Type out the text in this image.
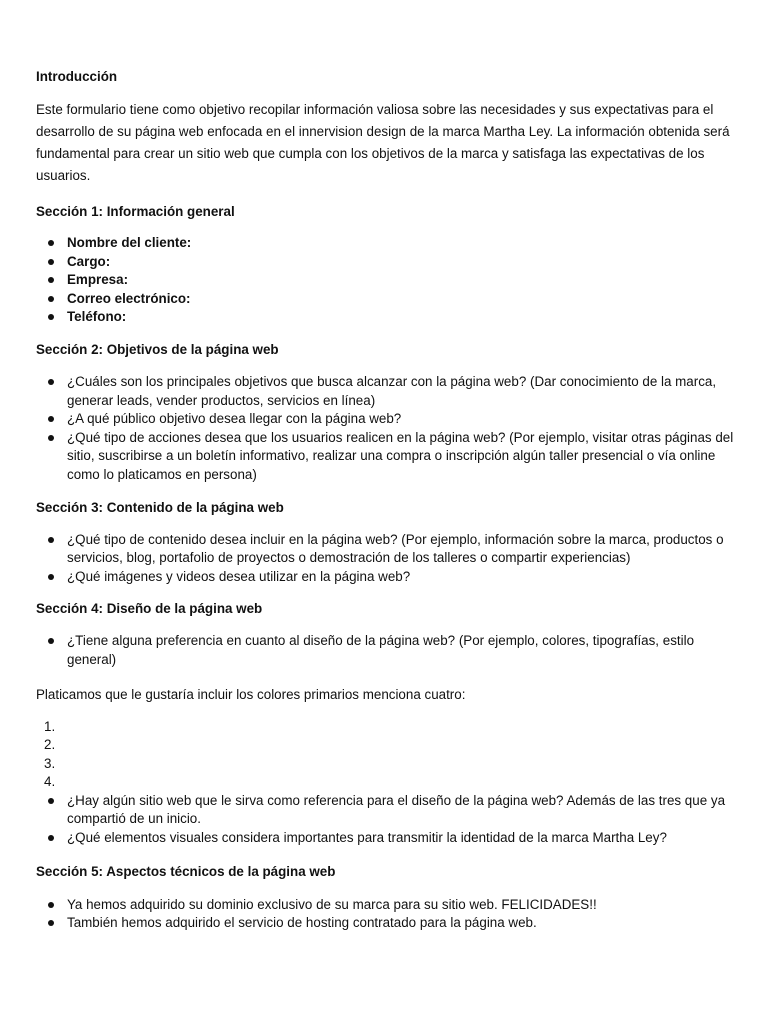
Introducción

Este formulario tiene como objetivo recopilar información valiosa sobre las necesidades y sus expectativas para el desarrollo de su página web enfocada en el innervision design de la marca Martha Ley. La información obtenida será fundamental para crear un sitio web que cumpla con los objetivos de la marca y satisfaga las expectativas de los usuarios.

Sección 1: Información general
Nombre del cliente:
Cargo:
Empresa:
Correo electrónico:
Teléfono:
Sección 2: Objetivos de la página web
¿Cuáles son los principales objetivos que busca alcanzar con la página web? (Dar conocimiento de la marca, generar leads, vender productos, servicios en línea)
¿A qué público objetivo desea llegar con la página web?
¿Qué tipo de acciones desea que los usuarios realicen en la página web? (Por ejemplo, visitar otras páginas del sitio, suscribirse a un boletín informativo, realizar una compra o inscripción algún taller presencial o vía online como lo platicamos en persona)
Sección 3: Contenido de la página web
¿Qué tipo de contenido desea incluir en la página web? (Por ejemplo, información sobre la marca, productos o servicios, blog, portafolio de proyectos o demostración de los talleres o compartir experiencias)
¿Qué imágenes y videos desea utilizar en la página web?
Sección 4: Diseño de la página web
¿Tiene alguna preferencia en cuanto al diseño de la página web? (Por ejemplo, colores, tipografías, estilo general)

Platicamos que le gustaría incluir los colores primarios menciona cuatro:

1.

2.

3.

4.

¿Hay algún sitio web que le sirva como referencia para el diseño de la página web? Además de las tres que ya compartió de un inicio.
¿Qué elementos visuales considera importantes para transmitir la identidad de la marca Martha Ley?
Sección 5: Aspectos técnicos de la página web
Ya hemos adquirido su dominio exclusivo de su marca para su sitio web. FELICIDADES!!
También hemos adquirido el servicio de hosting contratado para la página web.
